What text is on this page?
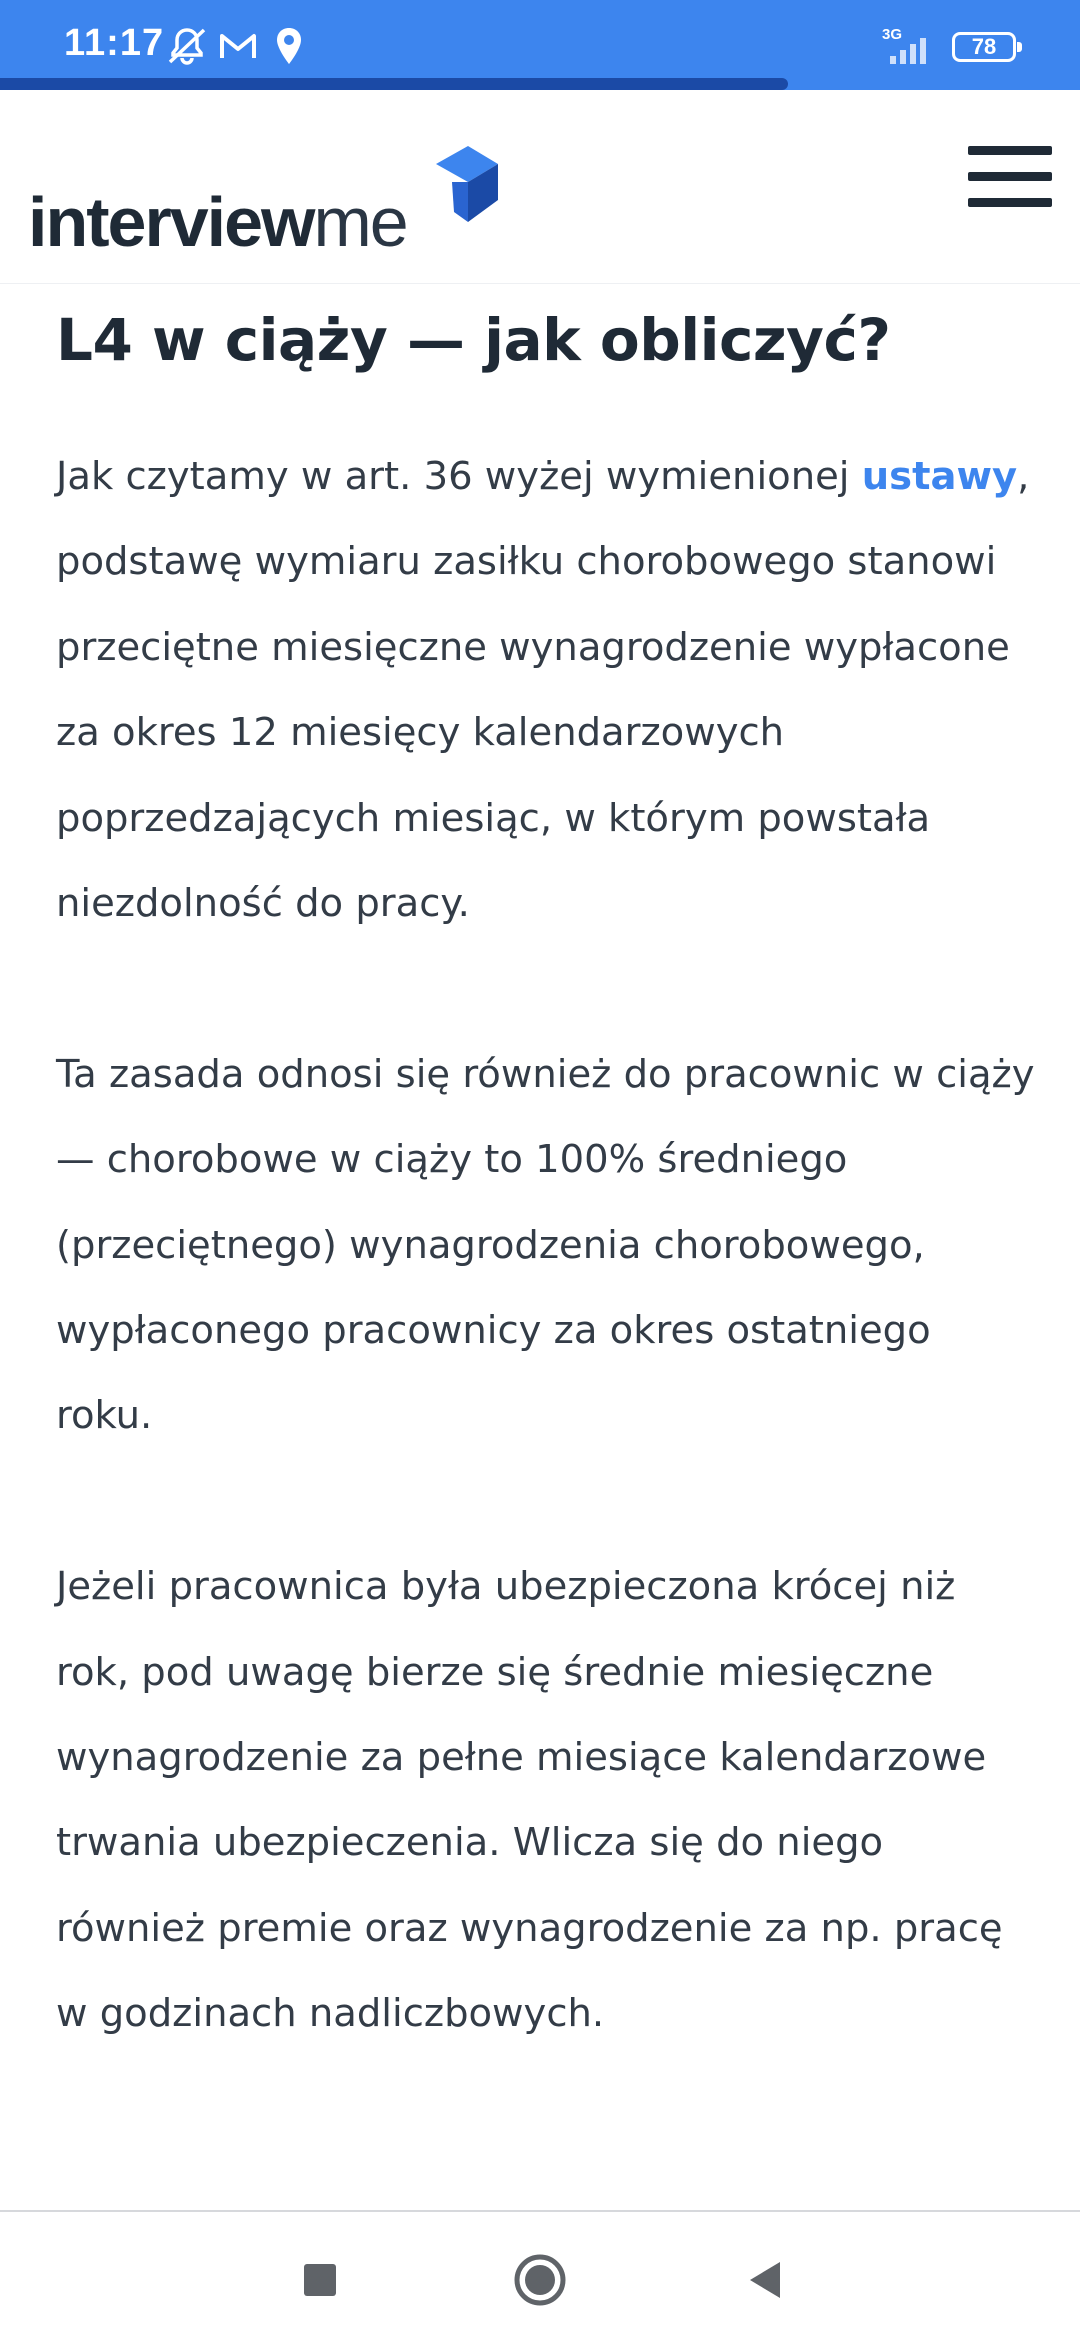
11:17	3G	78
interviewme
L4 w ciąży — jak obliczyć?

Jak czytamy w art. 36 wyżej wymienionej ustawy, podstawę wymiaru zasiłku chorobowego stanowi przeciętne miesięczne wynagrodzenie wypłacone za okres 12 miesięcy kalendarzowych poprzedzających miesiąc, w którym powstała niezdolność do pracy.

Ta zasada odnosi się również do pracownic w ciąży — chorobowe w ciąży to 100% średniego (przeciętnego) wynagrodzenia chorobowego, wypłaconego pracownicy za okres ostatniego roku.

Jeżeli pracownica była ubezpieczona krócej niż rok, pod uwagę bierze się średnie miesięczne wynagrodzenie za pełne miesiące kalendarzowe trwania ubezpieczenia. Wlicza się do niego również premie oraz wynagrodzenie za np. pracę w godzinach nadliczbowych.
